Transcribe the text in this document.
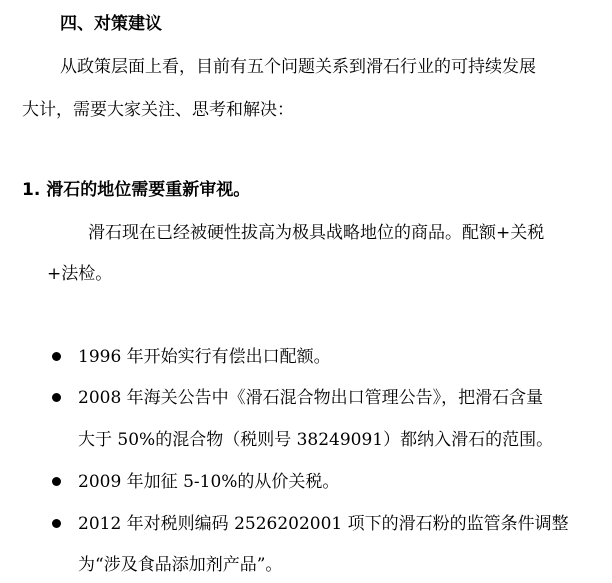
四、对策建议
从政策层面上看，目前有五个问题关系到滑石行业的可持续发展
大计，需要大家关注、思考和解决：
1. 滑石的地位需要重新审视。
滑石现在已经被硬性拔高为极具战略地位的商品。配额+关税
+法检。
1996 年开始实行有偿出口配额。
2008 年海关公告中《滑石混合物出口管理公告》，把滑石含量
大于 50%的混合物（税则号 38249091）都纳入滑石的范围。
2009 年加征 5-10%的从价关税。
2012 年对税则编码 2526202001 项下的滑石粉的监管条件调整
为“涉及食品添加剂产品”。
